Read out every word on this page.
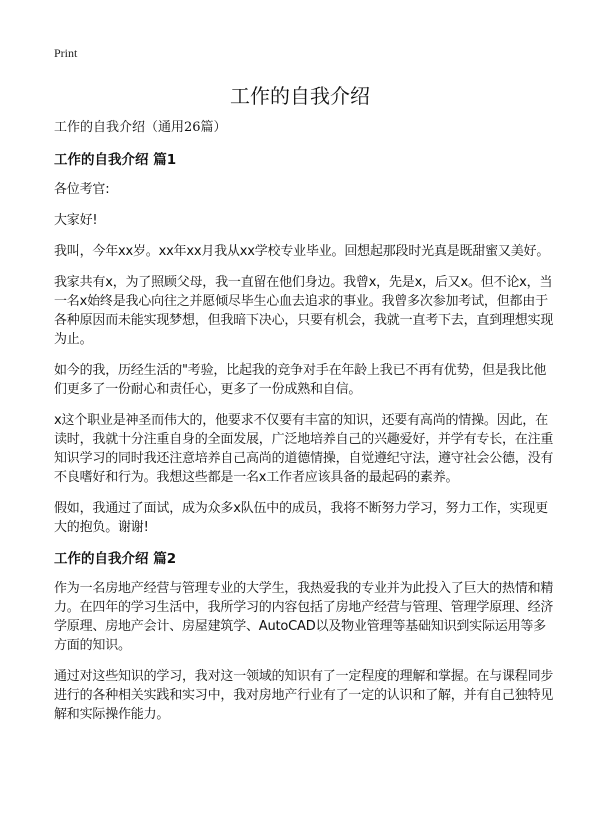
Print
工作的自我介绍

工作的自我介绍（通用26篇）

工作的自我介绍 篇1

各位考官:

大家好!

我叫，今年xx岁。xx年xx月我从xx学校专业毕业。回想起那段时光真是既甜蜜又美好。

我家共有x，为了照顾父母，我一直留在他们身边。我曾x，先是x，后又x。但不论x，当一名x始终是我心向往之并愿倾尽毕生心血去追求的事业。我曾多次参加考试，但都由于各种原因而未能实现梦想，但我暗下决心，只要有机会，我就一直考下去，直到理想实现为止。

如今的我，历经生活的"考验，比起我的竞争对手在年龄上我已不再有优势，但是我比他们更多了一份耐心和责任心，更多了一份成熟和自信。

x这个职业是神圣而伟大的，他要求不仅要有丰富的知识，还要有高尚的情操。因此，在读时，我就十分注重自身的全面发展，广泛地培养自己的兴趣爱好，并学有专长，在注重知识学习的同时我还注意培养自己高尚的道德情操，自觉遵纪守法，遵守社会公德，没有不良嗜好和行为。我想这些都是一名x工作者应该具备的最起码的素养。

假如，我通过了面试，成为众多x队伍中的成员，我将不断努力学习，努力工作，实现更大的抱负。谢谢!

工作的自我介绍 篇2

作为一名房地产经营与管理专业的大学生，我热爱我的专业并为此投入了巨大的热情和精力。在四年的学习生活中，我所学习的内容包括了房地产经营与管理、管理学原理、经济学原理、房地产会计、房屋建筑学、AutoCAD以及物业管理等基础知识到实际运用等多方面的知识。

通过对这些知识的学习，我对这一领域的知识有了一定程度的理解和掌握。在与课程同步进行的各种相关实践和实习中，我对房地产行业有了一定的认识和了解，并有自己独特见解和实际操作能力。
